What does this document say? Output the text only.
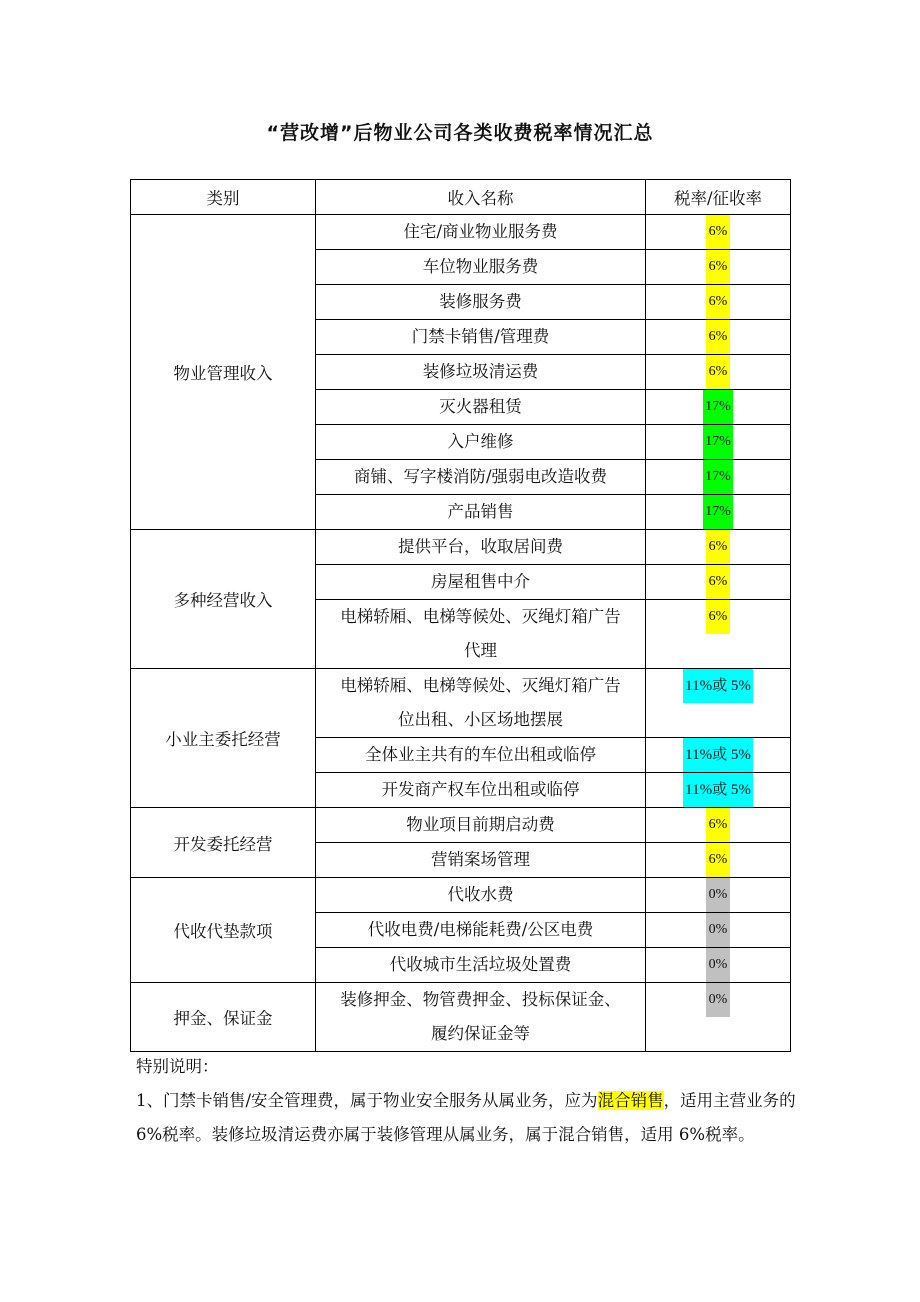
“营改增”后物业公司各类收费税率情况汇总
类别	收入名称	税率/征收率
物业管理收入	住宅/商业物业服务费	6%

	车位物业服务费	6%

	装修服务费	6%

	门禁卡销售/管理费	6%

	装修垃圾清运费	6%

	灭火器租赁	17%

	入户维修	17%

	商铺、写字楼消防/强弱电改造收费	17%

	产品销售	17%

多种经营收入	提供平台，收取居间费	6%

	房屋租售中介	6%

	电梯轿厢、电梯等候处、灭绳灯箱广告
代理	6%

小业主委托经营	电梯轿厢、电梯等候处、灭绳灯箱广告
位出租、小区场地摆展	11%或 5%

	全体业主共有的车位出租或临停	11%或 5%

	开发商产权车位出租或临停	11%或 5%

开发委托经营	物业项目前期启动费	6%

	营销案场管理	6%

代收代垫款项	代收水费	0%

	代收电费/电梯能耗费/公区电费	0%

	代收城市生活垃圾处置费	0%

押金、保证金	装修押金、物管费押金、投标保证金、
履约保证金等	0%

特别说明：

1、门禁卡销售/安全管理费，属于物业安全服务从属业务，应为混合销售，适用主营业务的 6%税率。装修垃圾清运费亦属于装修管理从属业务，属于混合销售，适用 6%税率。
